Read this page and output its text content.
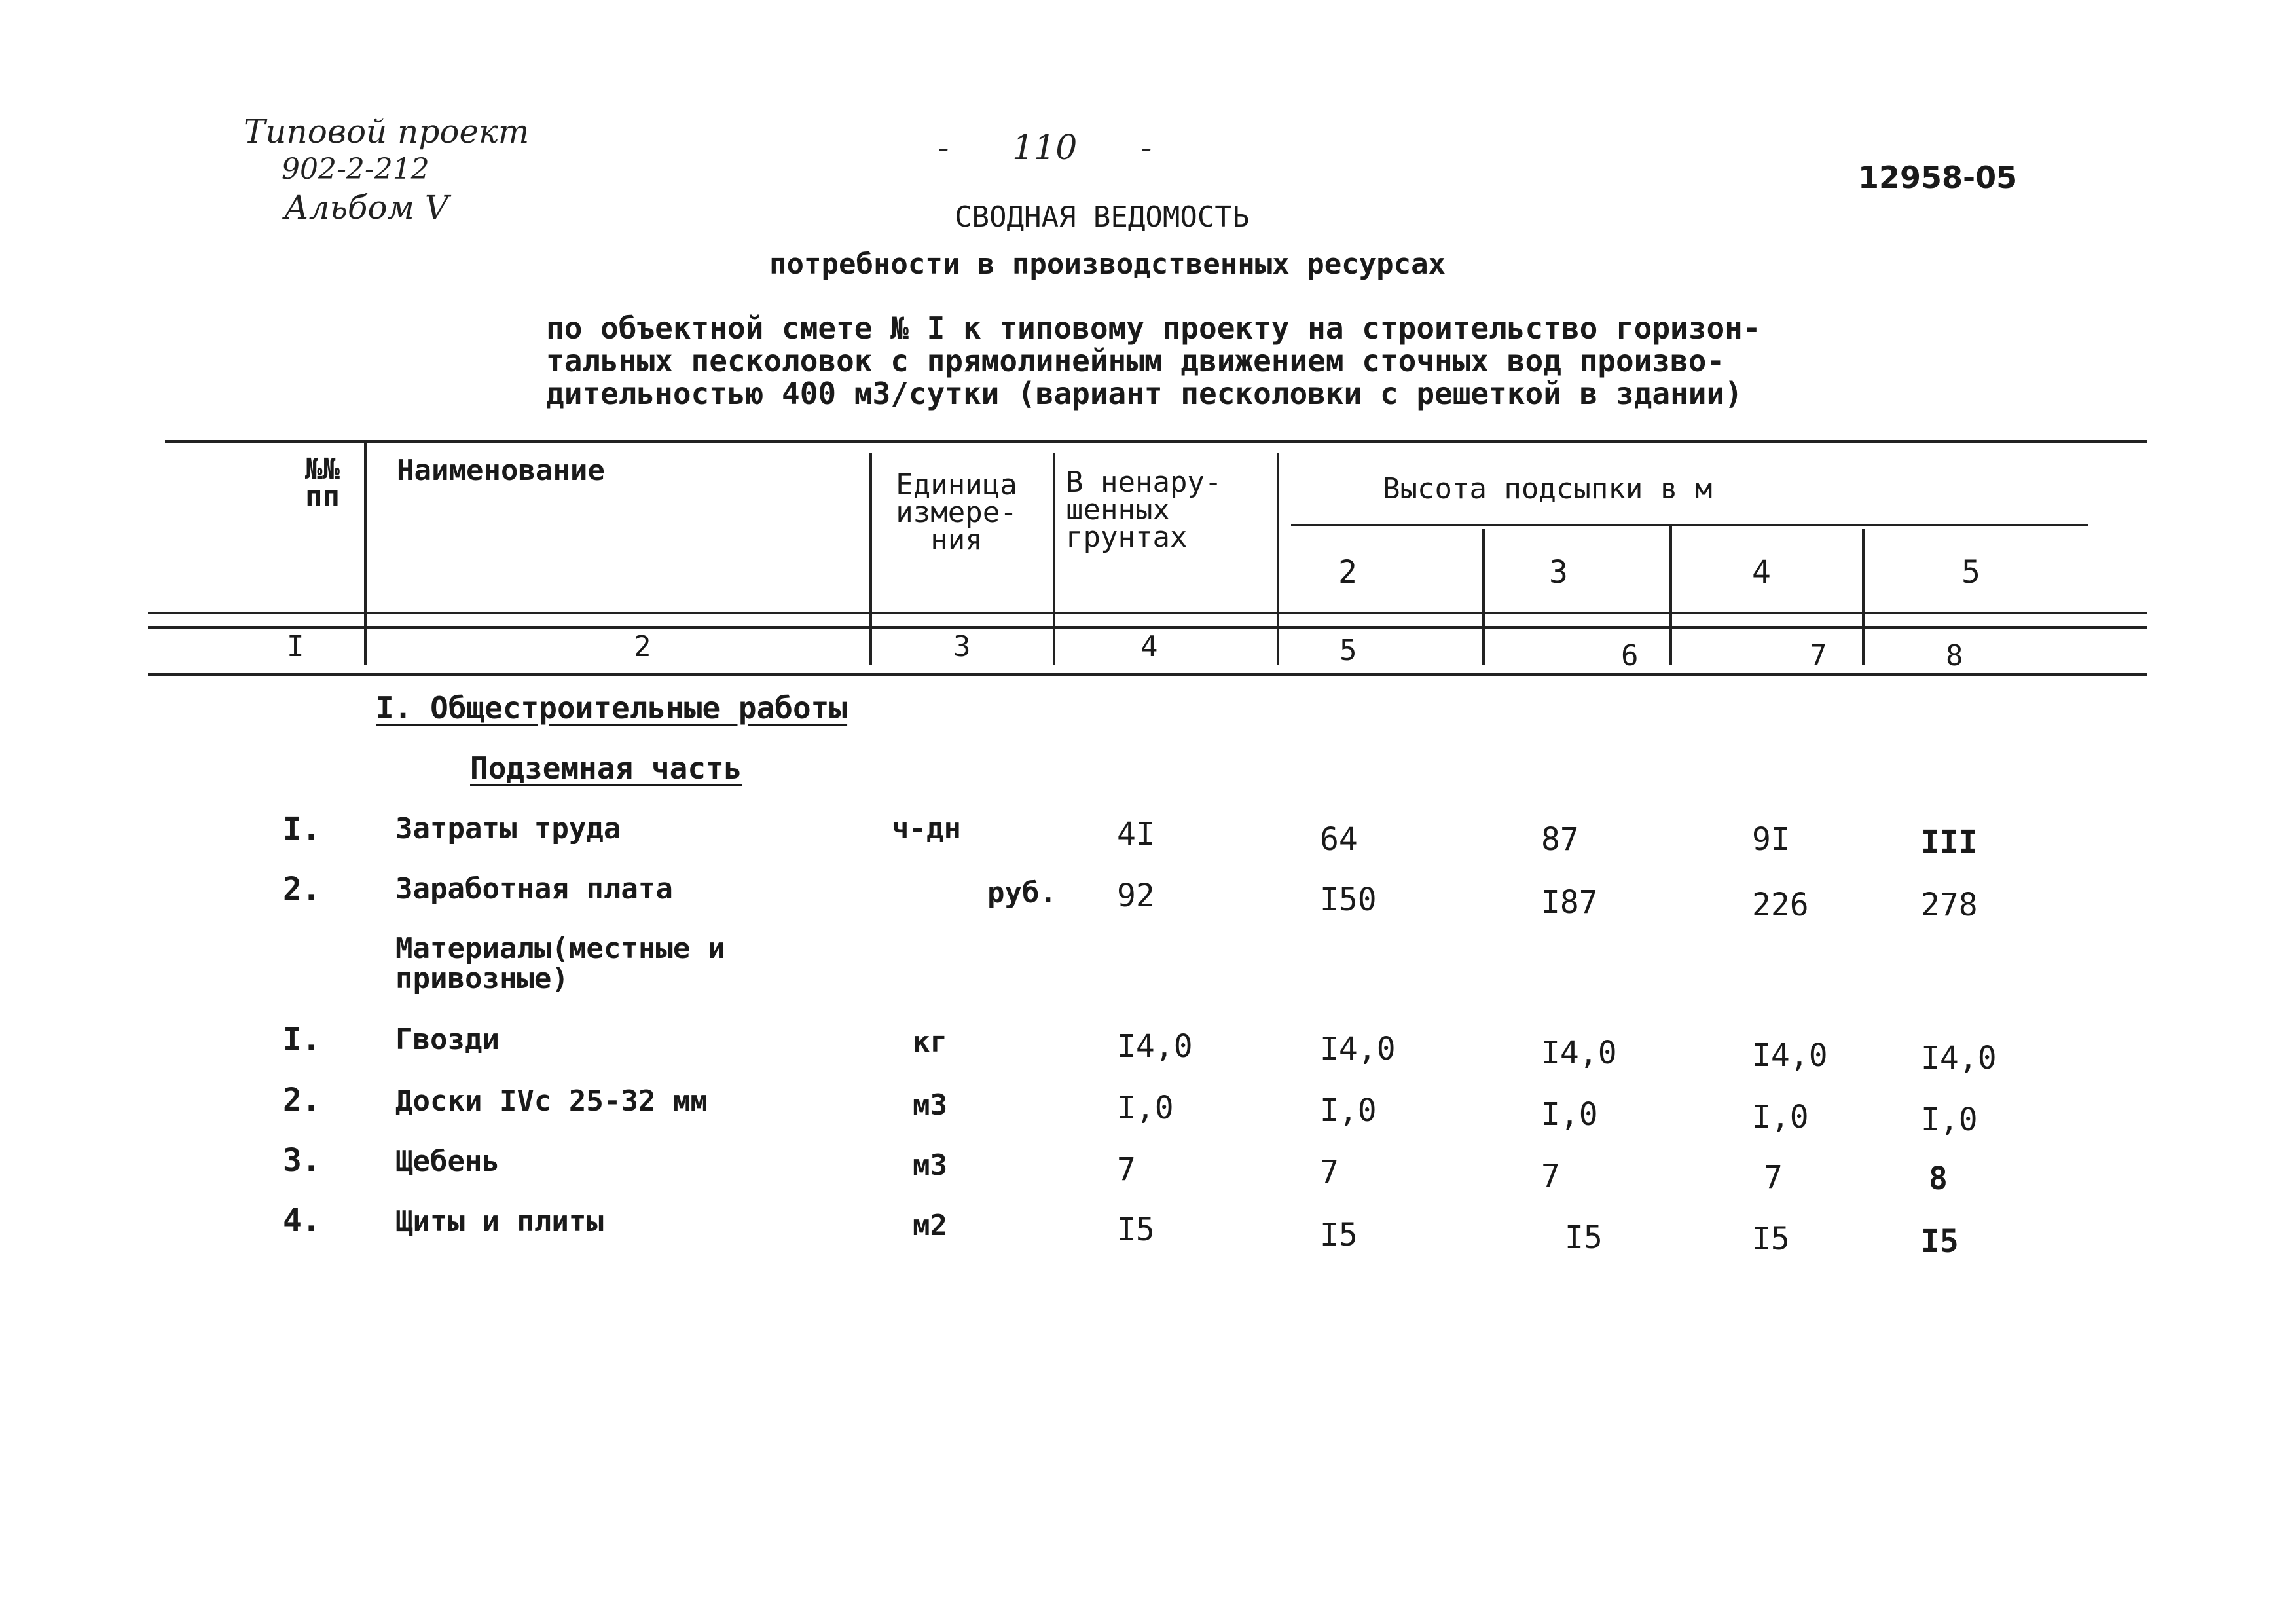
Типовой проект
902-2-212
Альбом V
- 110 -
12958-05
СВОДНАЯ ВЕДОМОСТЬ
потребности в производственных ресурсах
по объектной смете № I к типовому проекту на строительство горизон-
тальных песколовок с прямолинейным движением сточных вод произво-
дительностью 400 м3/сутки (вариант песколовки с решеткой в здании)
№№ пп
Наименование	Единица измере- ния
В ненару- шенных грунтах
Высота подсыпки в м
2	3	4	5
I	2	3	4	5	6	7	8
I. Общестроительные работы
Подземная часть
I.	Затраты труда	ч-дн	4I	64	87	9I	III
2.	Заработная плата	руб. 92	I50	I87	226	278
Материалы(местные и привозные)
I.	Гвозди	кг	I4,0	I4,0	I4,0	I4,0	I4,0
2.	Доски IVс 25-32 мм	м3	I,0	I,0	I,0	I,0	I,0
3.	Щебень	м3	7	7	7	7	8
4.	Щиты и плиты	м2	I5	I5	I5	I5	I5
